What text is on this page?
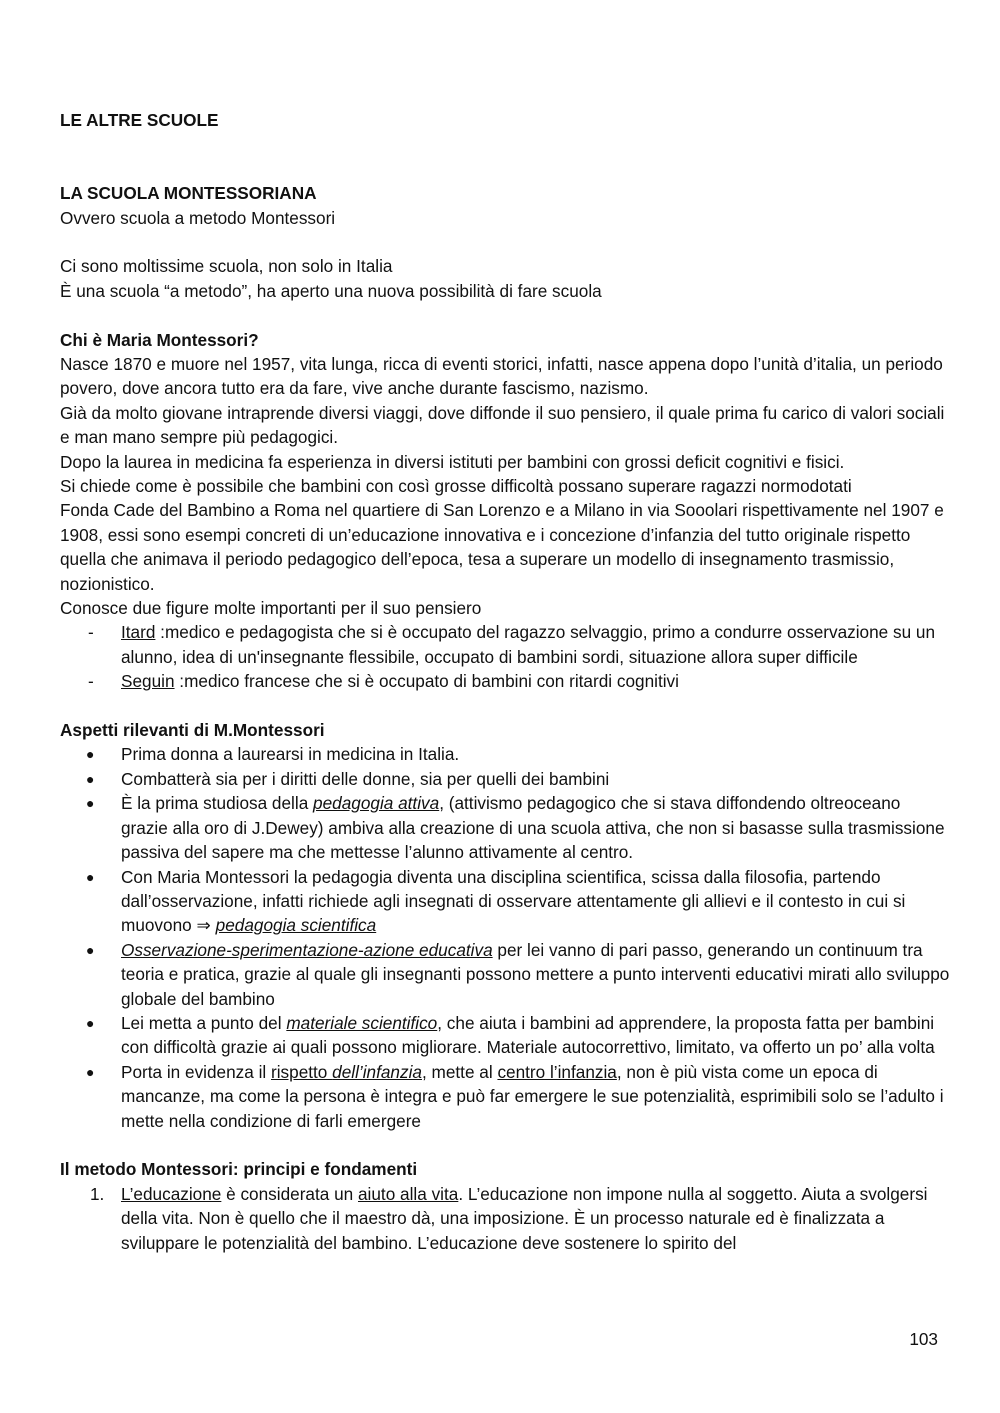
LE ALTRE SCUOLE

LA SCUOLA MONTESSORIANA

Ovvero scuola a metodo Montessori

Ci sono moltissime scuola, non solo in Italia

È una scuola “a metodo”, ha aperto una nuova possibilità di fare scuola

Chi è Maria Montessori?

Nasce 1870 e muore nel 1957, vita lunga, ricca di eventi storici, infatti, nasce appena dopo l’unità d’italia, un periodo povero, dove ancora tutto era da fare, vive anche durante fascismo, nazismo.

Già da molto giovane intraprende diversi viaggi, dove diffonde il suo pensiero, il quale prima fu carico di valori sociali e man mano sempre più pedagogici.

Dopo la laurea in medicina fa esperienza in diversi istituti per bambini con grossi deficit cognitivi e fisici.

Si chiede come è possibile che bambini con così grosse difficoltà possano superare ragazzi normodotati

Fonda Cade del Bambino a Roma nel quartiere di San Lorenzo e a Milano in via Sooolari rispettivamente nel 1907 e 1908, essi sono esempi concreti di un’educazione innovativa e i concezione d’infanzia del tutto originale rispetto quella che animava il periodo pedagogico dell’epoca, tesa a superare un modello di insegnamento trasmissio, nozionistico.

Conosce due figure molte importanti per il suo pensiero

- Itard :medico e pedagogista che si è occupato del ragazzo selvaggio, primo a condurre osservazione su un alunno, idea di un'insegnante flessibile, occupato di bambini sordi, situazione allora super difficile
- Seguin :medico francese che si è occupato di bambini con ritardi cognitivi

Aspetti rilevanti di M.Montessori

● Prima donna a laurearsi in medicina in Italia.
● Combatterà sia per i diritti delle donne, sia per quelli dei bambini
● È la prima studiosa della pedagogia attiva, (attivismo pedagogico che si stava diffondendo oltreoceano grazie alla oro di J.Dewey) ambiva alla creazione di una scuola attiva, che non si basasse sulla trasmissione passiva del sapere ma che mettesse l’alunno attivamente al centro.
● Con Maria Montessori la pedagogia diventa una disciplina scientifica, scissa dalla filosofia, partendo dall’osservazione, infatti richiede agli insegnati di osservare attentamente gli allievi e il contesto in cui si muovono ⇒ pedagogia scientifica
● Osservazione-sperimentazione-azione educativa per lei vanno di pari passo, generando un continuum tra teoria e pratica, grazie al quale gli insegnanti possono mettere a punto interventi educativi mirati allo sviluppo globale del bambino
● Lei metta a punto del materiale scientifico, che aiuta i bambini ad apprendere, la proposta fatta per bambini con difficoltà grazie ai quali possono migliorare. Materiale autocorrettivo, limitato, va offerto un po’ alla volta
● Porta in evidenza il rispetto dell’infanzia, mette al centro l’infanzia, non è più vista come un epoca di mancanze, ma come la persona è integra e può far emergere le sue potenzialità, esprimibili solo se l’adulto i mette nella condizione di farli emergere

Il metodo Montessori: principi e fondamenti

1. L’educazione è considerata un aiuto alla vita. L’educazione non impone nulla al soggetto. Aiuta a svolgersi della vita. Non è quello che il maestro dà, una imposizione. È un processo naturale ed è finalizzata a sviluppare le potenzialità del bambino. L’educazione deve sostenere lo spirito del
103
